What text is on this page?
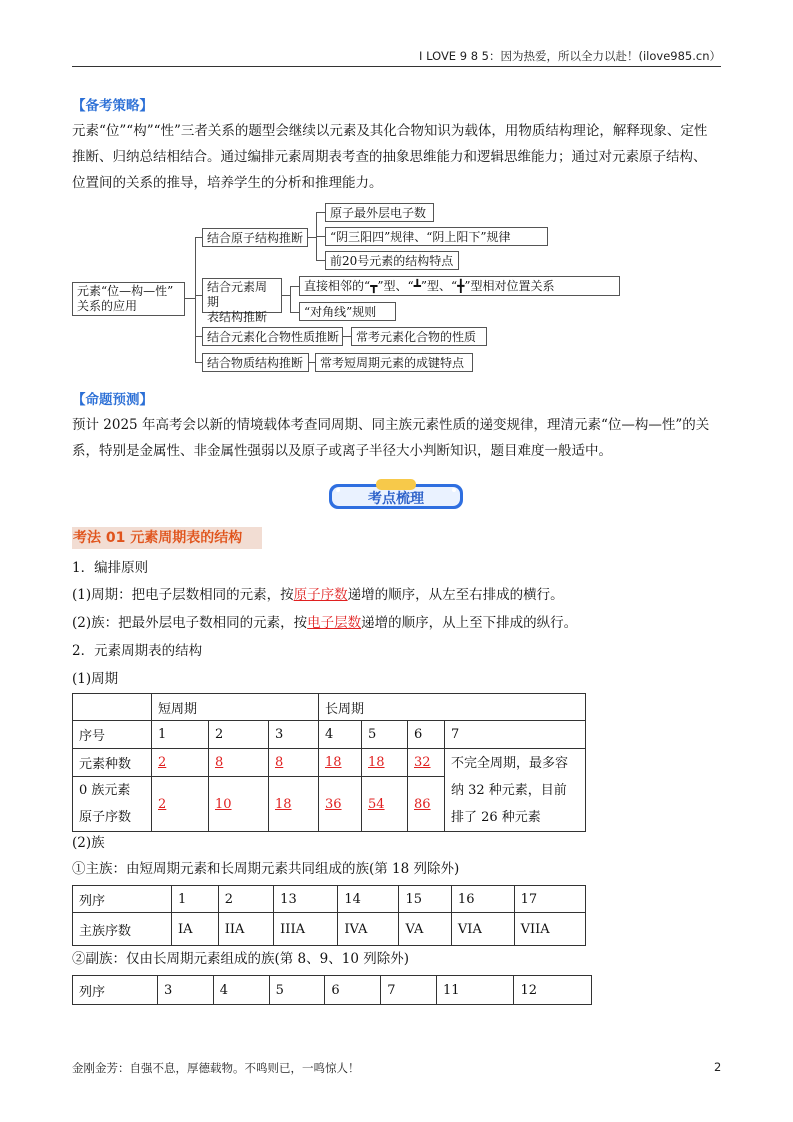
I LOVE 9 8 5：因为热爱，所以全力以赴！(ilove985.cn）
【备考策略】
元素“位”“构”“性”三者关系的题型会继续以元素及其化合物知识为载体，用物质结构理论，解释现象、定性
推断、归纳总结相结合。通过编排元素周期表考查的抽象思维能力和逻辑思维能力；通过对元素原子结构、
位置间的关系的推导，培养学生的分析和推理能力。
元素“位—构—性”
关系的应用
结合原子结构推断
原子最外层电子数
“阴三阳四”规律、“阴上阳下”规律
前20号元素的结构特点
结合元素周期
表结构推断
直接相邻的“┳”型、“┻”型、“╋”型相对位置关系
“对角线”规则
结合元素化合物性质推断	常考元素化合物的性质
结合物质结构推断	常考短周期元素的成键特点
【命题预测】
预计 2025 年高考会以新的情境载体考查同周期、同主族元素性质的递变规律，理清元素“位—构—性”的关
系，特别是金属性、非金属性强弱以及原子或离子半径大小判断知识，题目难度一般适中。
考点梳理
考法 01 元素周期表的结构
1．编排原则
(1)周期：把电子层数相同的元素，按原子序数递增的顺序，从左至右排成的横行。
(2)族：把最外层电子数相同的元素，按电子层数递增的顺序，从上至下排成的纵行。
2．元素周期表的结构
(1)周期
	短周期			长周期			
序号	1	2	3	4	5	6	7
元素种数	2	8	8	18	18	32	不完全周期，最多容
纳 32 种元素，目前
排了 26 种元素
0 族元素
原子序数	2	10	18	36	54	86	
(2)族
①主族：由短周期元素和长周期元素共同组成的族(第 18 列除外)
列序	1	2	13	14	15	16	17
主族序数	IA	IIA	IIIA	IVA	VA	VIA	VIIA
②副族：仅由长周期元素组成的族(第 8、9、10 列除外)
列序	3	4	5	6	7	11	12
金刚金芳：自强不息，厚德载物。不鸣则已，一鸣惊人！	2
